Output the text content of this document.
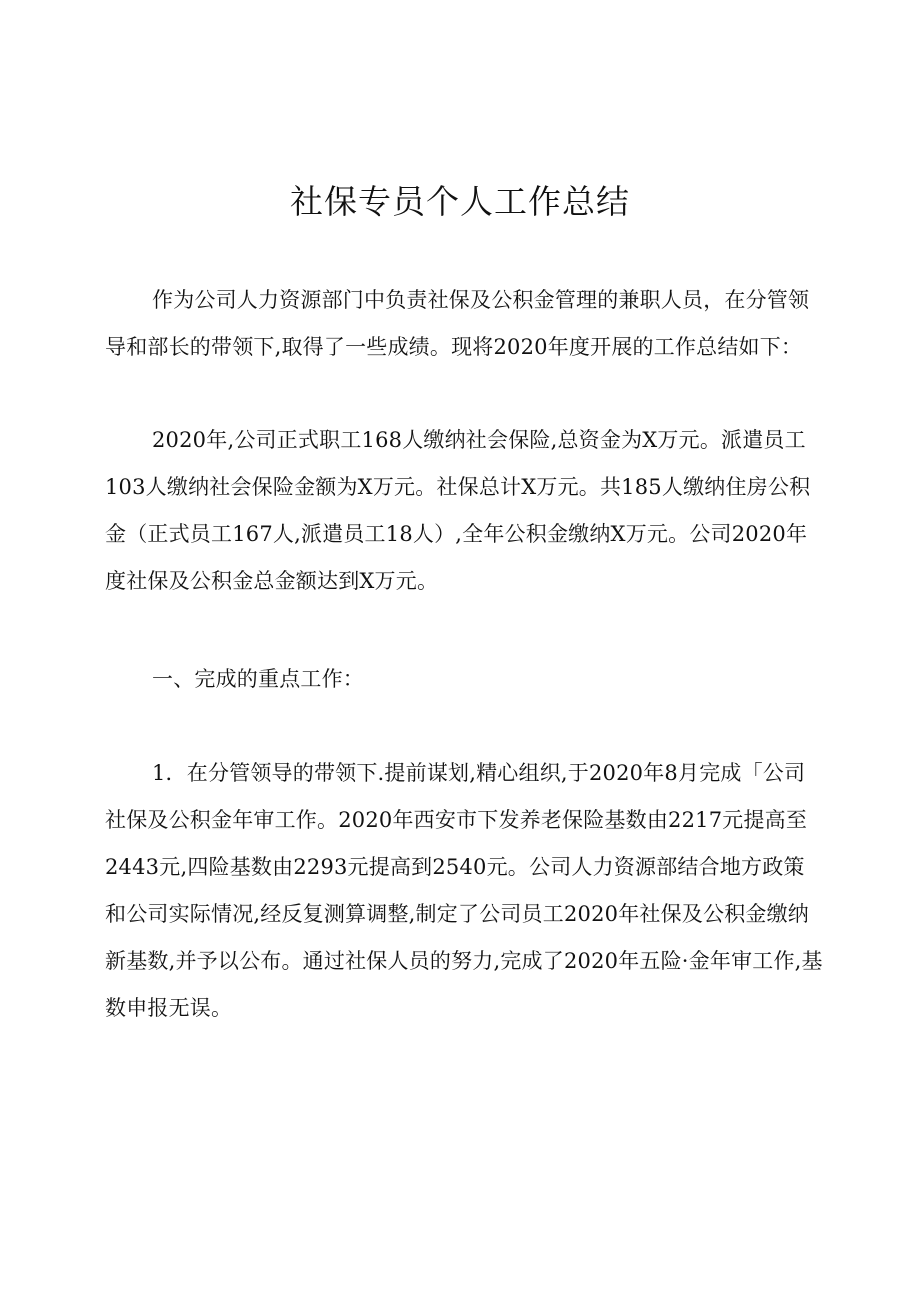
社保专员个人工作总结

作为公司人力资源部门中负责社保及公积金管理的兼职人员，在分管领导和部长的带领下,取得了一些成绩。现将2020年度开展的工作总结如下：

2020年,公司正式职工168人缴纳社会保险,总资金为X万元。派遣员工103人缴纳社会保险金额为X万元。社保总计X万元。共185人缴纳住房公积金（正式员工167人,派遣员工18人）,全年公积金缴纳X万元。公司2020年度社保及公积金总金额达到X万元。

一、完成的重点工作：

1．在分管领导的带领下.提前谋划,精心组织,于2020年8月完成「公司社保及公积金年审工作。2020年西安市下发养老保险基数由2217元提高至2443元,四险基数由2293元提高到2540元。公司人力资源部结合地方政策和公司实际情况,经反复测算调整,制定了公司员工2020年社保及公积金缴纳新基数,并予以公布。通过社保人员的努力,完成了2020年五险·金年审工作,基数申报无误。
